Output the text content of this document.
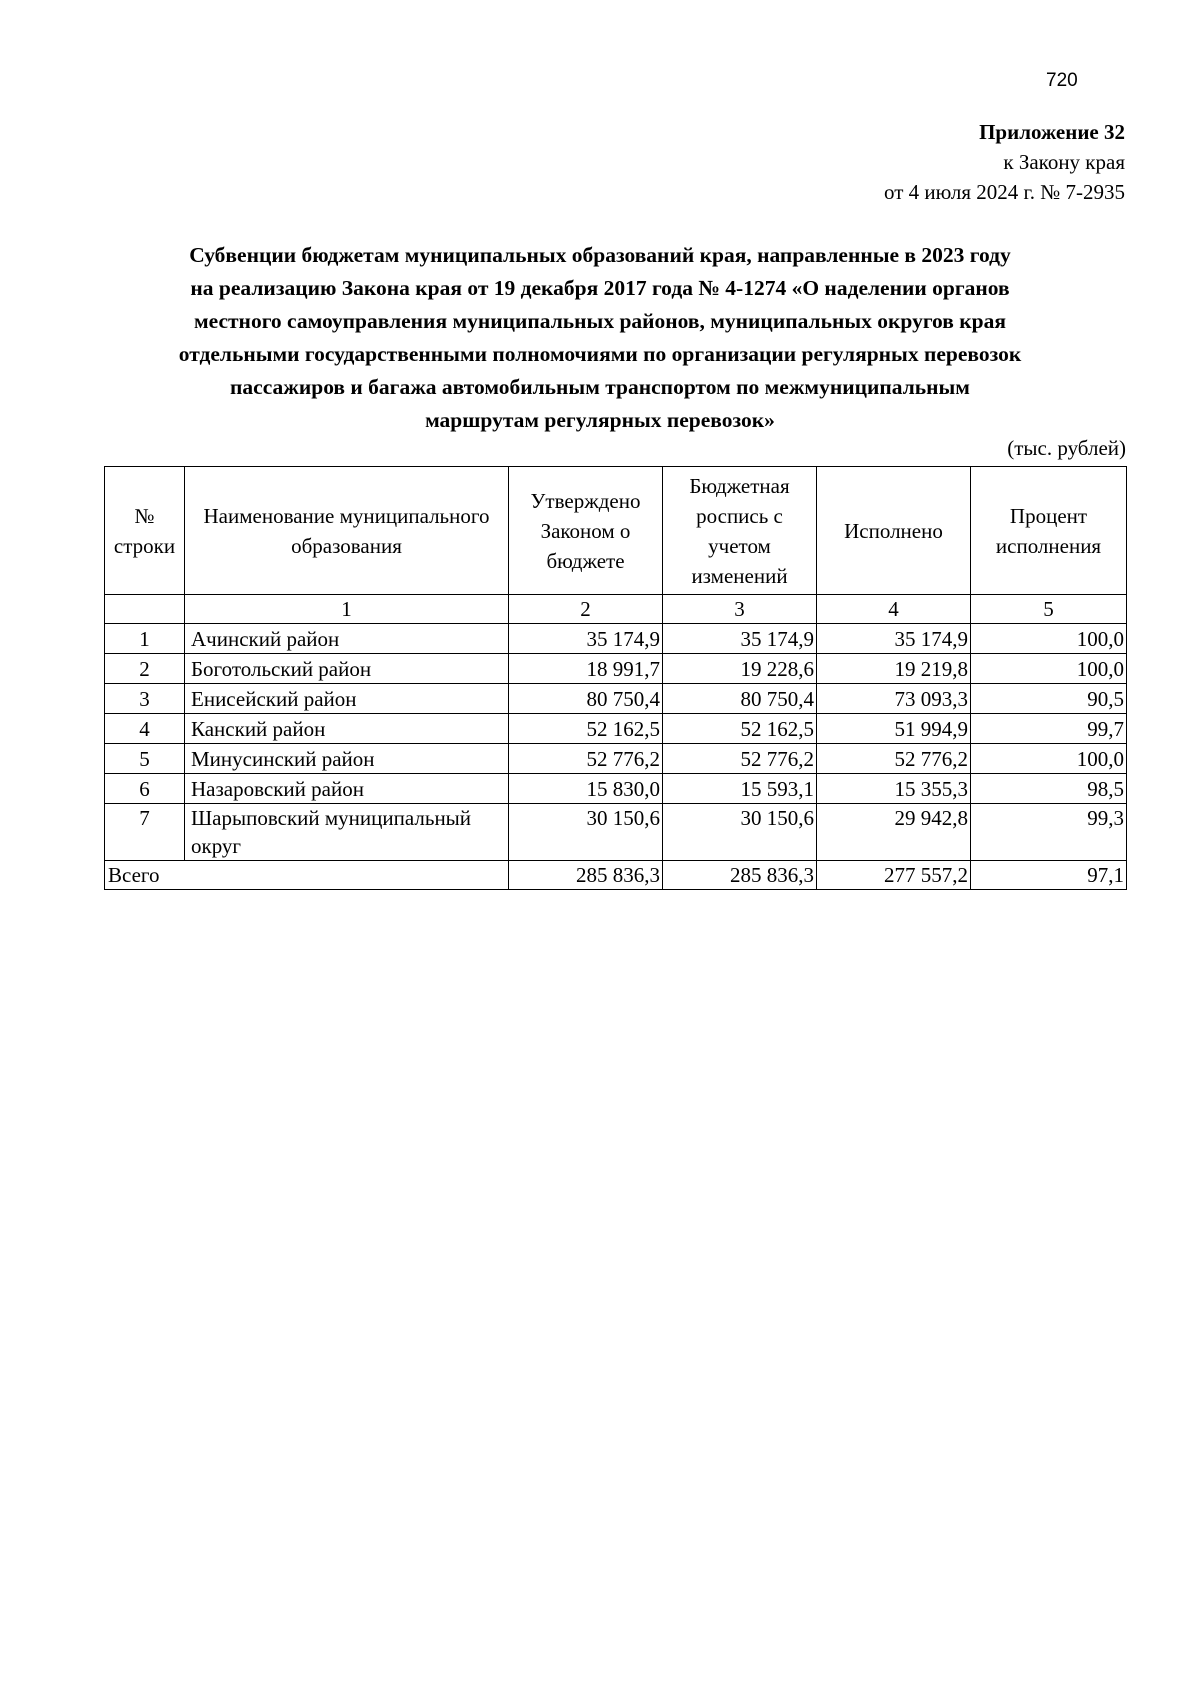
720
Приложение 32
к Закону края
от 4 июля 2024 г. № 7-2935
Субвенции бюджетам муниципальных образований края, направленные в 2023 году
на реализацию Закона края от 19 декабря 2017 года № 4-1274 «О наделении органов
местного самоуправления муниципальных районов, муниципальных округов края
отдельными государственными полномочиями по организации регулярных перевозок
пассажиров и багажа автомобильным транспортом по межмуниципальным
маршрутам регулярных перевозок»
(тыс. рублей)
№ строки	Наименование муниципального образования	Утверждено Законом о бюджете	Бюджетная роспись с учетом изменений	Исполнено	Процент исполнения
	1	2	3	4	5
1	Ачинский район	35 174,9	35 174,9	35 174,9	100,0
2	Боготольский район	18 991,7	19 228,6	19 219,8	100,0
3	Енисейский район	80 750,4	80 750,4	73 093,3	90,5
4	Канский район	52 162,5	52 162,5	51 994,9	99,7
5	Минусинский район	52 776,2	52 776,2	52 776,2	100,0
6	Назаровский район	15 830,0	15 593,1	15 355,3	98,5
7	Шарыповский муниципальный округ	30 150,6	30 150,6	29 942,8	99,3
Всего		285 836,3	285 836,3	277 557,2	97,1
